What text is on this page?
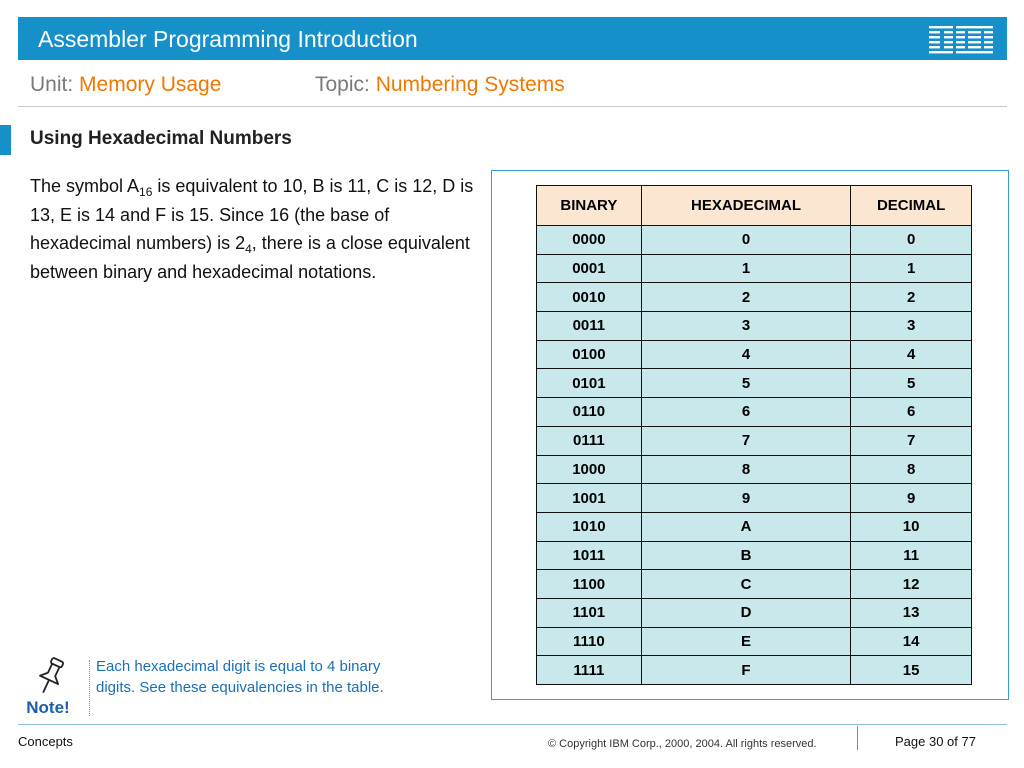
Assembler Programming Introduction
Unit: Memory Usage	Topic: Numbering Systems
Using Hexadecimal Numbers
The symbol $A_{16}$ is equivalent to 10, B is 11, C is 12, D is 13, E is 14 and F is 15. Since 16 (the base of hexadecimal numbers) is $2_4$, there is a close equivalent between binary and hexadecimal notations.
BINARY	HEXADECIMAL	DECIMAL
0000	0	0
0001	1	1
0010	2	2
0011	3	3
0100	4	4
0101	5	5
0110	6	6
0111	7	7
1000	8	8
1001	9	9
1010	A	10
1011	B	11
1100	C	12
1101	D	13
1110	E	14
1111	F	15
Note!
Each hexadecimal digit is equal to 4 binary digits. See these equivalencies in the table.
Concepts	© Copyright IBM Corp., 2000, 2004. All rights reserved.	Page 30 of 77
